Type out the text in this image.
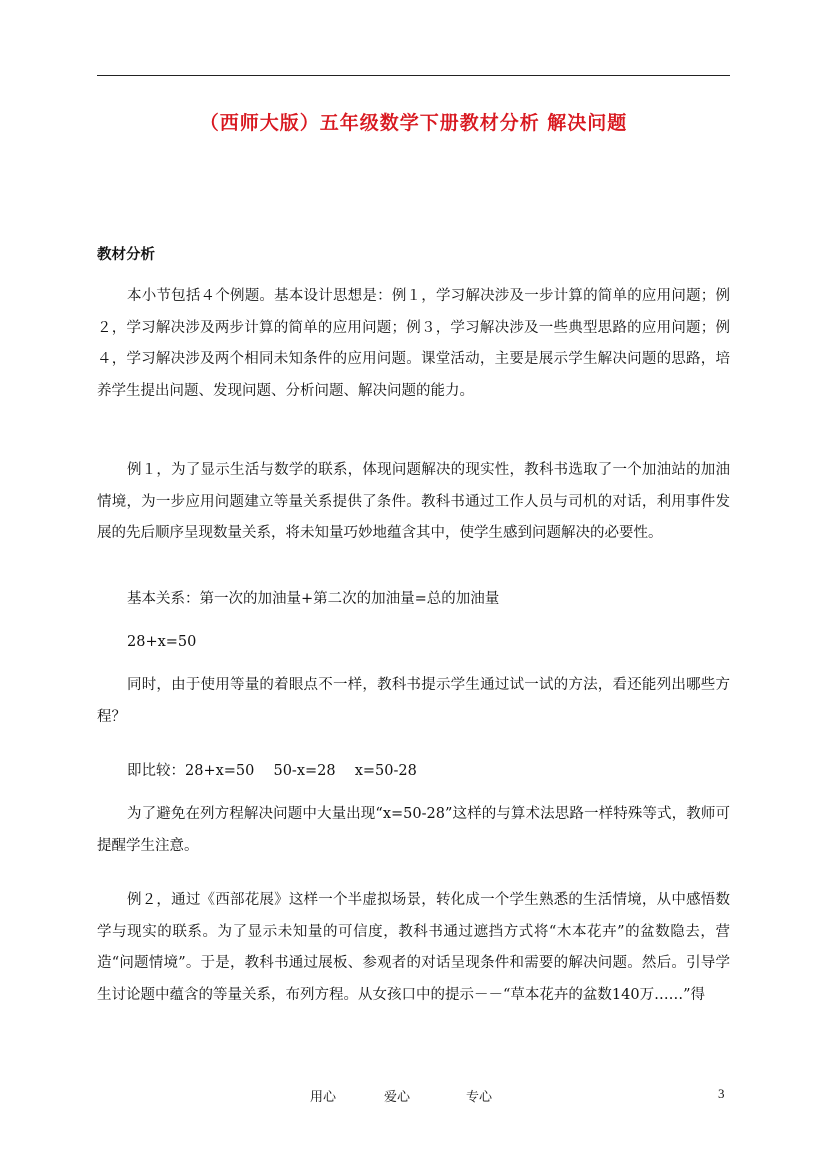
（西师大版）五年级数学下册教材分析 解决问题
教材分析

本小节包括４个例题。基本设计思想是：例１，学习解决涉及一步计算的简单的应用问题；例２，学习解决涉及两步计算的简单的应用问题；例３，学习解决涉及一些典型思路的应用问题；例４，学习解决涉及两个相同未知条件的应用问题。课堂活动，主要是展示学生解决问题的思路，培养学生提出问题、发现问题、分析问题、解决问题的能力。

例１，为了显示生活与数学的联系，体现问题解决的现实性，教科书选取了一个加油站的加油情境，为一步应用问题建立等量关系提供了条件。教科书通过工作人员与司机的对话，利用事件发展的先后顺序呈现数量关系，将未知量巧妙地蕴含其中，使学生感到问题解决的必要性。

基本关系：第一次的加油量+第二次的加油量=总的加油量

28+x=50

同时，由于使用等量的着眼点不一样，教科书提示学生通过试一试的方法，看还能列出哪些方程？

即比较：28+x=50　 50-x=28　 x=50-28

为了避免在列方程解决问题中大量出现“x=50-28”这样的与算术法思路一样特殊等式，教师可提醒学生注意。

例２，通过《西部花展》这样一个半虚拟场景，转化成一个学生熟悉的生活情境，从中感悟数学与现实的联系。为了显示未知量的可信度，教科书通过遮挡方式将“木本花卉”的盆数隐去，营造“问题情境”。于是，教科书通过展板、参观者的对话呈现条件和需要的解决问题。然后。引导学生讨论题中蕴含的等量关系，布列方程。从女孩口中的提示－－“草本花卉的盆数140万……”得

用心	爱心	专心	3
